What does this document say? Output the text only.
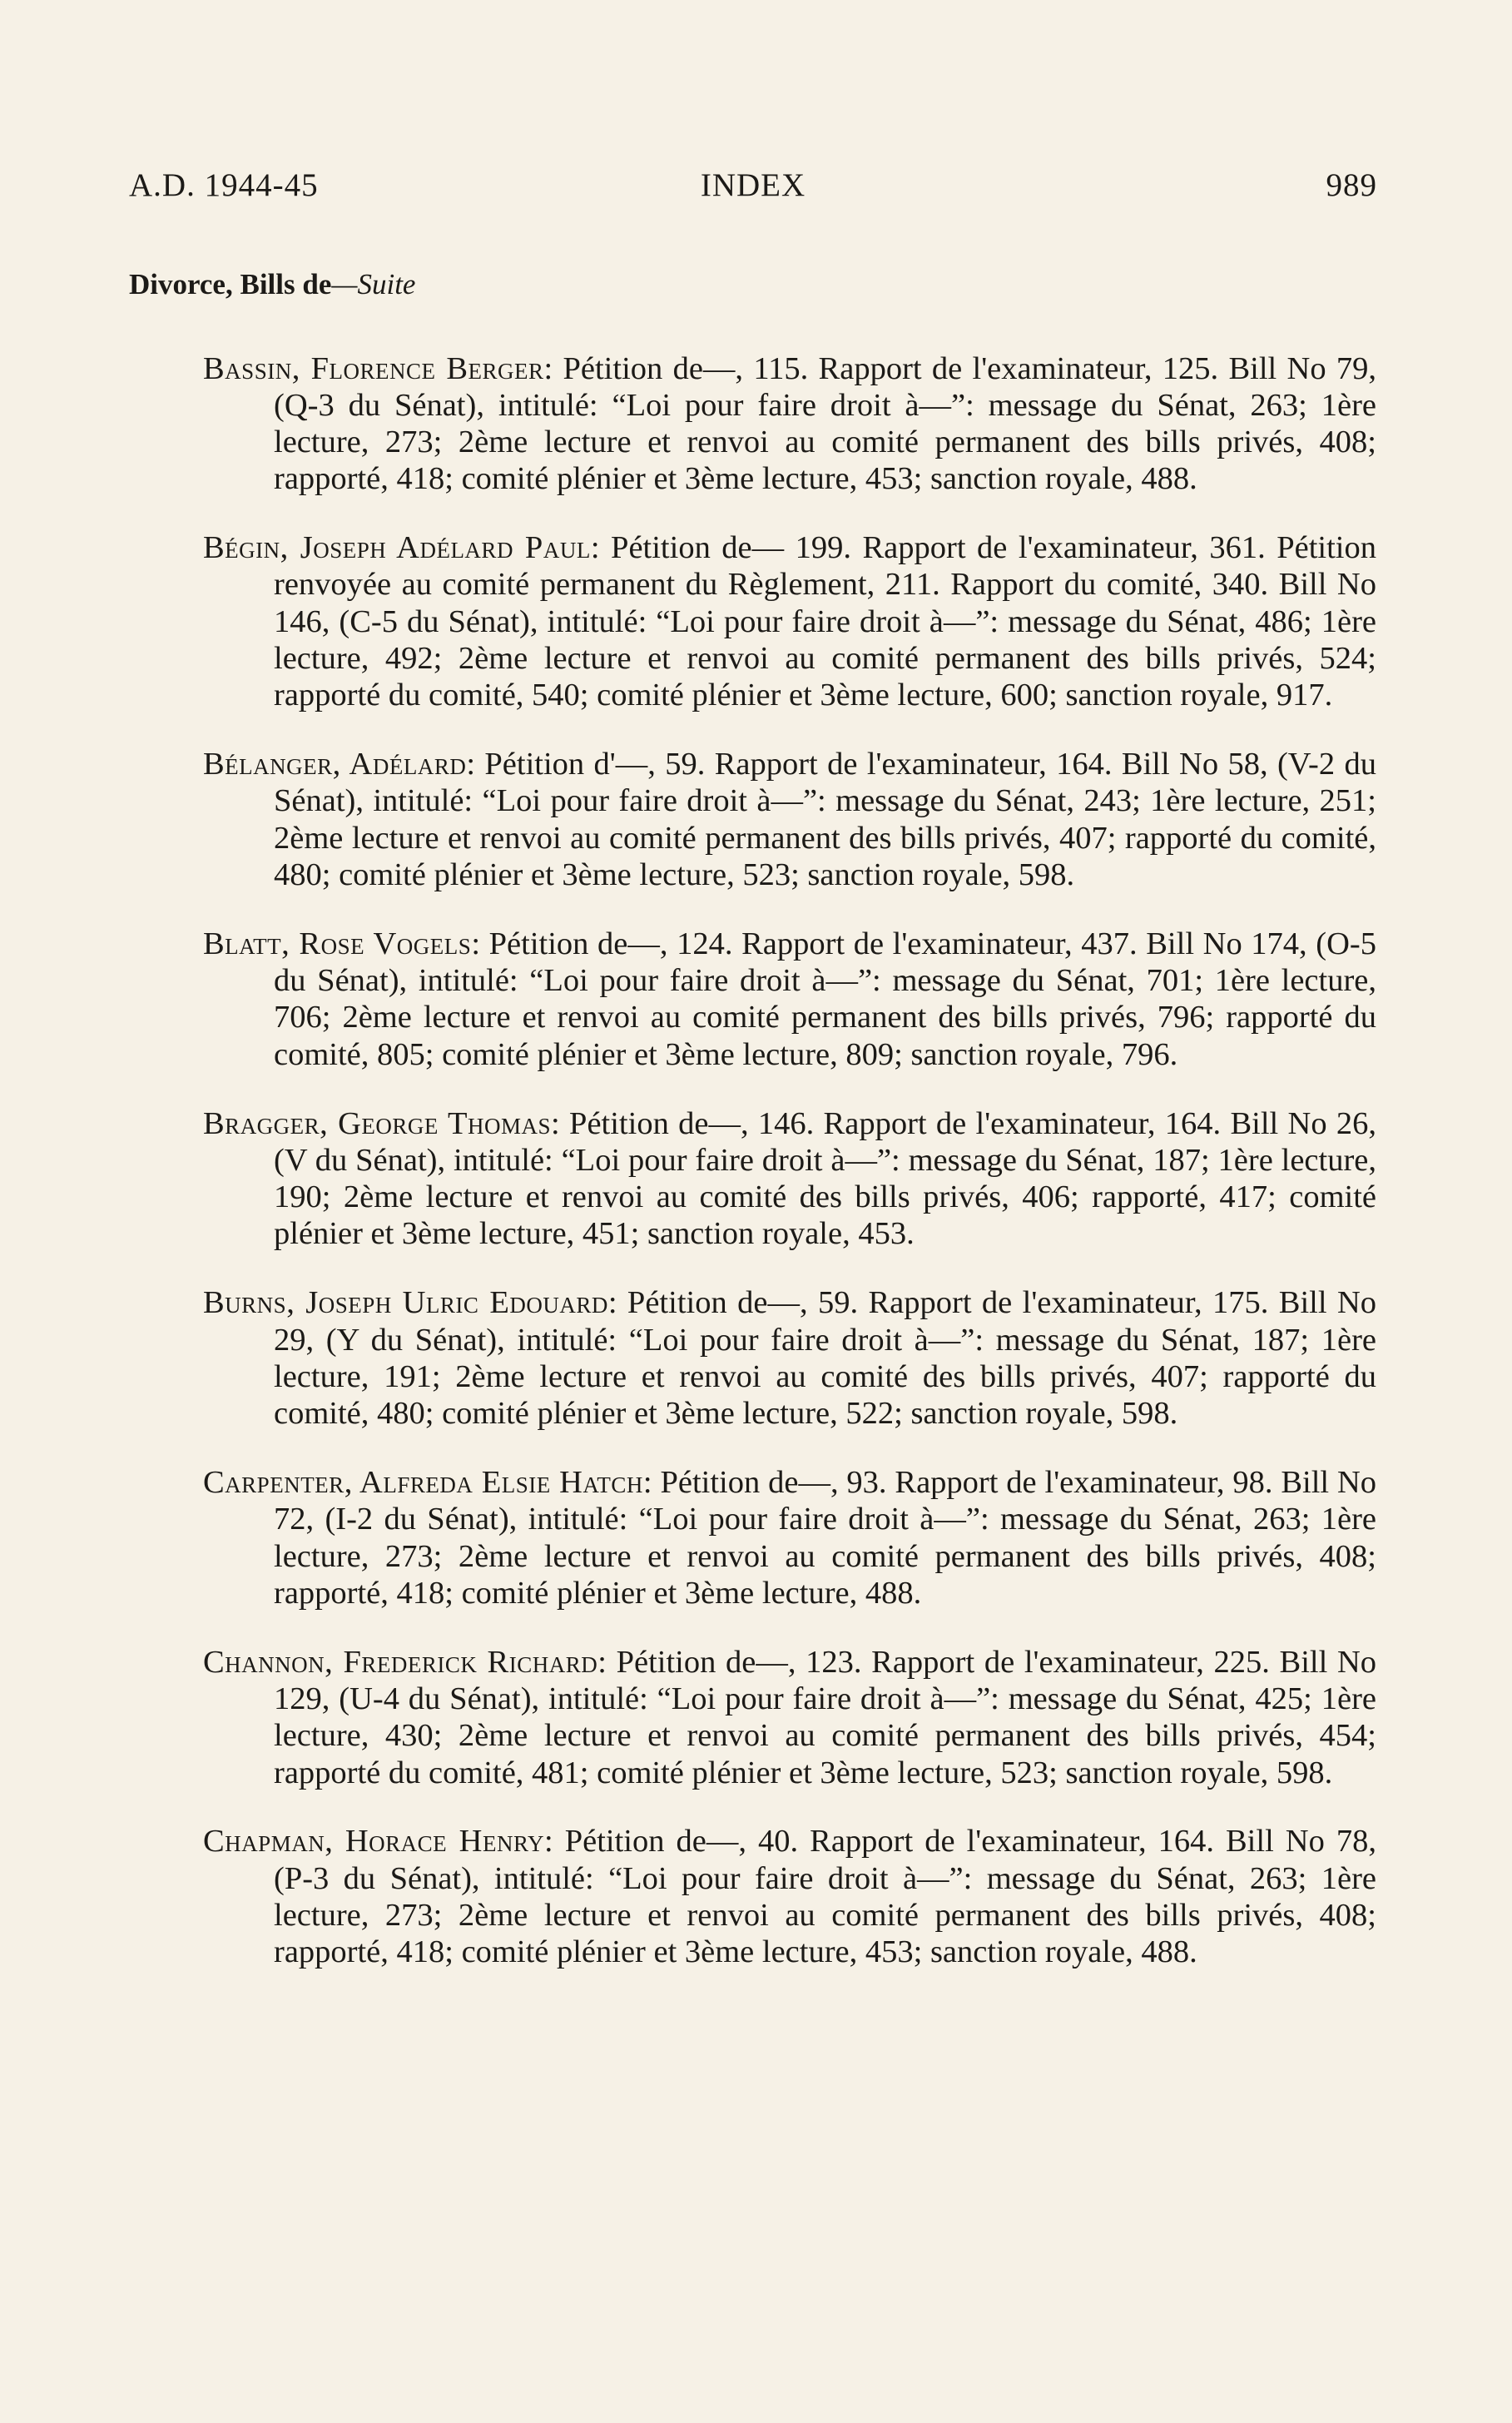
A.D. 1944-45	INDEX	989
Divorce, Bills de—Suite

Bassin, Florence Berger: Pétition de—, 115. Rapport de l'examinateur, 125. Bill No 79, (Q-3 du Sénat), intitulé: “Loi pour faire droit à—”: message du Sénat, 263; 1ère lecture, 273; 2ème lecture et renvoi au comité permanent des bills privés, 408; rapporté, 418; comité plénier et 3ème lecture, 453; sanction royale, 488.

Bégin, Joseph Adélard Paul: Pétition de— 199. Rapport de l'examinateur, 361. Pétition renvoyée au comité permanent du Règlement, 211. Rapport du comité, 340. Bill No 146, (C-5 du Sénat), intitulé: “Loi pour faire droit à—”: message du Sénat, 486; 1ère lecture, 492; 2ème lecture et renvoi au comité permanent des bills privés, 524; rapporté du comité, 540; comité plénier et 3ème lecture, 600; sanction royale, 917.

Bélanger, Adélard: Pétition d'—, 59. Rapport de l'examinateur, 164. Bill No 58, (V-2 du Sénat), intitulé: “Loi pour faire droit à—”: message du Sénat, 243; 1ère lecture, 251; 2ème lecture et renvoi au comité permanent des bills privés, 407; rapporté du comité, 480; comité plénier et 3ème lecture, 523; sanction royale, 598.

Blatt, Rose Vogels: Pétition de—, 124. Rapport de l'examinateur, 437. Bill No 174, (O-5 du Sénat), intitulé: “Loi pour faire droit à—”: message du Sénat, 701; 1ère lecture, 706; 2ème lecture et renvoi au comité permanent des bills privés, 796; rapporté du comité, 805; comité plénier et 3ème lecture, 809; sanction royale, 796.

Bragger, George Thomas: Pétition de—, 146. Rapport de l'examinateur, 164. Bill No 26, (V du Sénat), intitulé: “Loi pour faire droit à—”: message du Sénat, 187; 1ère lecture, 190; 2ème lecture et renvoi au comité des bills privés, 406; rapporté, 417; comité plénier et 3ème lecture, 451; sanction royale, 453.

Burns, Joseph Ulric Edouard: Pétition de—, 59. Rapport de l'examinateur, 175. Bill No 29, (Y du Sénat), intitulé: “Loi pour faire droit à—”: message du Sénat, 187; 1ère lecture, 191; 2ème lecture et renvoi au comité des bills privés, 407; rapporté du comité, 480; comité plénier et 3ème lecture, 522; sanction royale, 598.

Carpenter, Alfreda Elsie Hatch: Pétition de—, 93. Rapport de l'examinateur, 98. Bill No 72, (I-2 du Sénat), intitulé: “Loi pour faire droit à—”: message du Sénat, 263; 1ère lecture, 273; 2ème lecture et renvoi au comité permanent des bills privés, 408; rapporté, 418; comité plénier et 3ème lecture, 488.

Channon, Frederick Richard: Pétition de—, 123. Rapport de l'examinateur, 225. Bill No 129, (U-4 du Sénat), intitulé: “Loi pour faire droit à—”: message du Sénat, 425; 1ère lecture, 430; 2ème lecture et renvoi au comité permanent des bills privés, 454; rapporté du comité, 481; comité plénier et 3ème lecture, 523; sanction royale, 598.

Chapman, Horace Henry: Pétition de—, 40. Rapport de l'examinateur, 164. Bill No 78, (P-3 du Sénat), intitulé: “Loi pour faire droit à—”: message du Sénat, 263; 1ère lecture, 273; 2ème lecture et renvoi au comité permanent des bills privés, 408; rapporté, 418; comité plénier et 3ème lecture, 453; sanction royale, 488.
